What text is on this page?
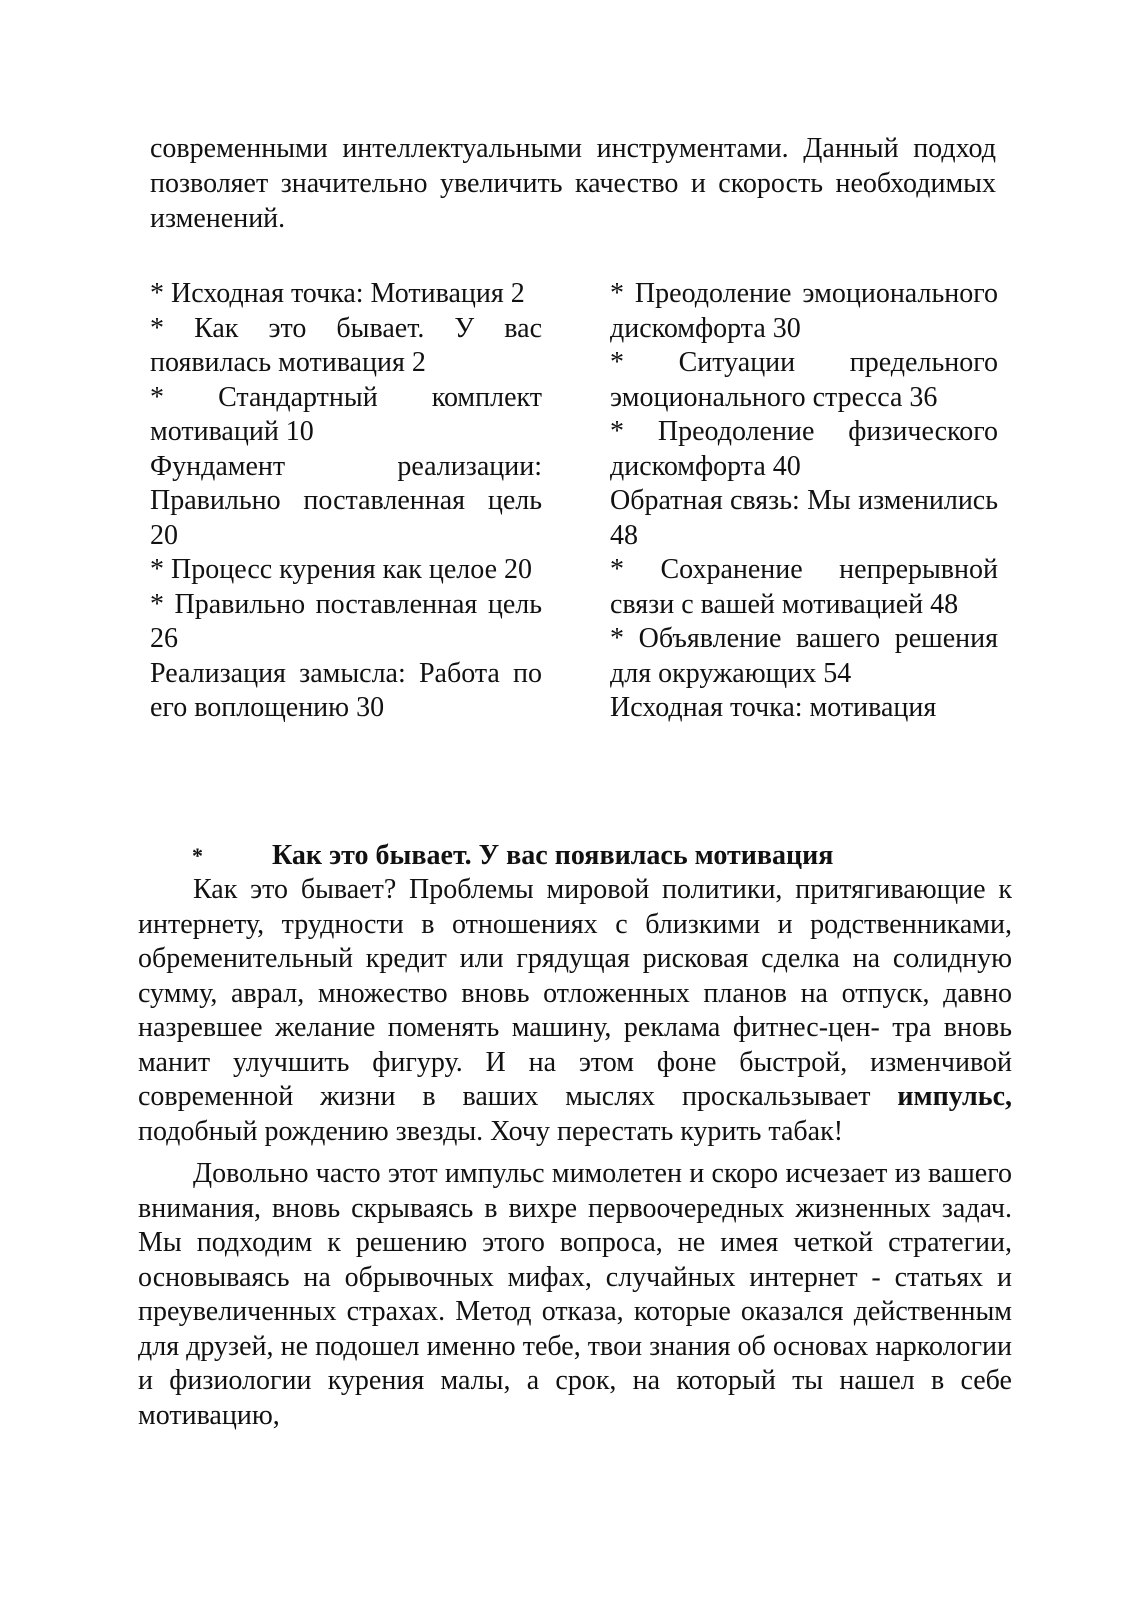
современными интеллектуальными инструментами. Данный подход позволяет значительно увеличить качество и скорость необходимых изменений.

* Исходная точка: Мотивация 2

* Как это бывает. У вас появилась мотивация 2

* Стандартный комплект мотиваций 10

Фундамент реализации: Правильно поставленная цель 20

* Процесс курения как целое 20

* Правильно поставленная цель 26

Реализация замысла: Работа по его воплощению 30

* Преодоление эмоционального дискомфорта 30

* Ситуации предельного эмоционального стресса 36

* Преодоление физического дискомфорта 40

Обратная связь: Мы изменились 48

* Сохранение непрерывной связи с вашей мотивацией 48

* Объявление вашего решения для окружающих 54

Исходная точка: мотивация

* Как это бывает. У вас появилась мотивация

Как это бывает? Проблемы мировой политики, притягивающие к интернету, трудности в отношениях с близкими и родственниками, обременительный кредит или грядущая рисковая сделка на солидную сумму, аврал, множество вновь отложенных планов на отпуск, давно назревшее желание поменять машину, реклама фитнес-цен- тра вновь манит улучшить фигуру. И на этом фоне быстрой, изменчивой современной жизни в ваших мыслях проскальзывает импульс, подобный рождению звезды. Хочу перестать курить табак!

Довольно часто этот импульс мимолетен и скоро исчезает из вашего внимания, вновь скрываясь в вихре первоочередных жизненных задач. Мы подходим к решению этого вопроса, не имея четкой стратегии, основываясь на обрывочных мифах, случайных интернет - статьях и преувеличенных страхах. Метод отказа, которые оказался действенным для друзей, не подошел именно тебе, твои знания об основах наркологии и физиологии курения малы, а срок, на который ты нашел в себе мотивацию,
